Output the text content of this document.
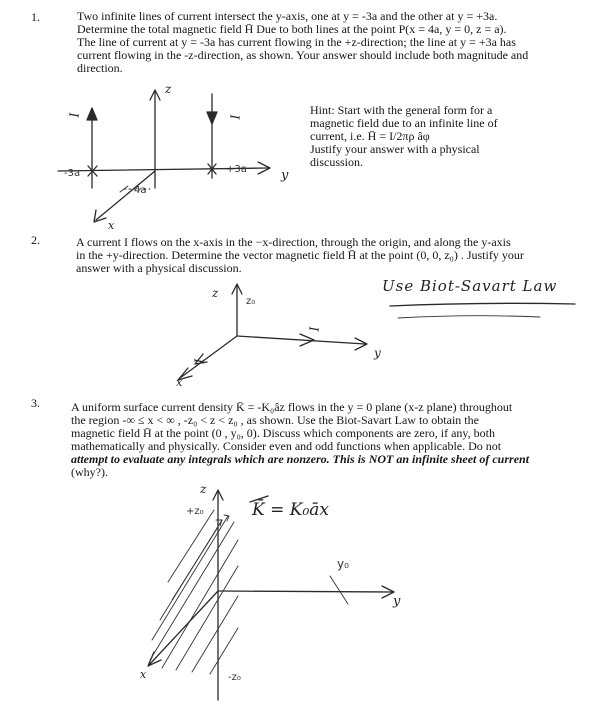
1.	Two infinite lines of current intersect the y-axis, one at y = -3a and the other at y = +3a.
Determine the total magnetic field H̄ Due to both lines at the point P(x = 4a, y = 0, z = a).
The line of current at y = -3a has current flowing in the +z-direction; the line at y = +3a has
current flowing in the -z-direction, as shown. Your answer should include both magnitude and
direction.
Hint: Start with the general form for a
magnetic field due to an infinite line of
current, i.e. H̄ = I/2πρ âφ
Justify your answer with a physical
discussion.
z
y
x
I	I
-3a	+3a
4a
2.	A current I flows on the x-axis in the −x-direction, through the origin, and along the y-axis
in the +y-direction. Determine the vector magnetic field H̄ at the point (0, 0, z₀) . Justify your
answer with a physical discussion.
Use Biot-Savart Law
z
z₀
y
x
I
I
3.	A uniform surface current density K̄ = -K₀âz flows in the y = 0 plane (x-z plane) throughout
the region -∞ ≤ x < ∞ , -z₀ < z < z₀ , as shown. Use the Biot-Savart Law to obtain the
magnetic field H̄ at the point (0 , y₀, 0). Discuss which components are zero, if any, both
mathematically and physically. Consider even and odd functions when applicable. Do not
attempt to evaluate any integrals which are nonzero. This is NOT an infinite sheet of current
(why?).
z
+z₀
-z₀
K̄ = K₀āx
y₀
y
x
